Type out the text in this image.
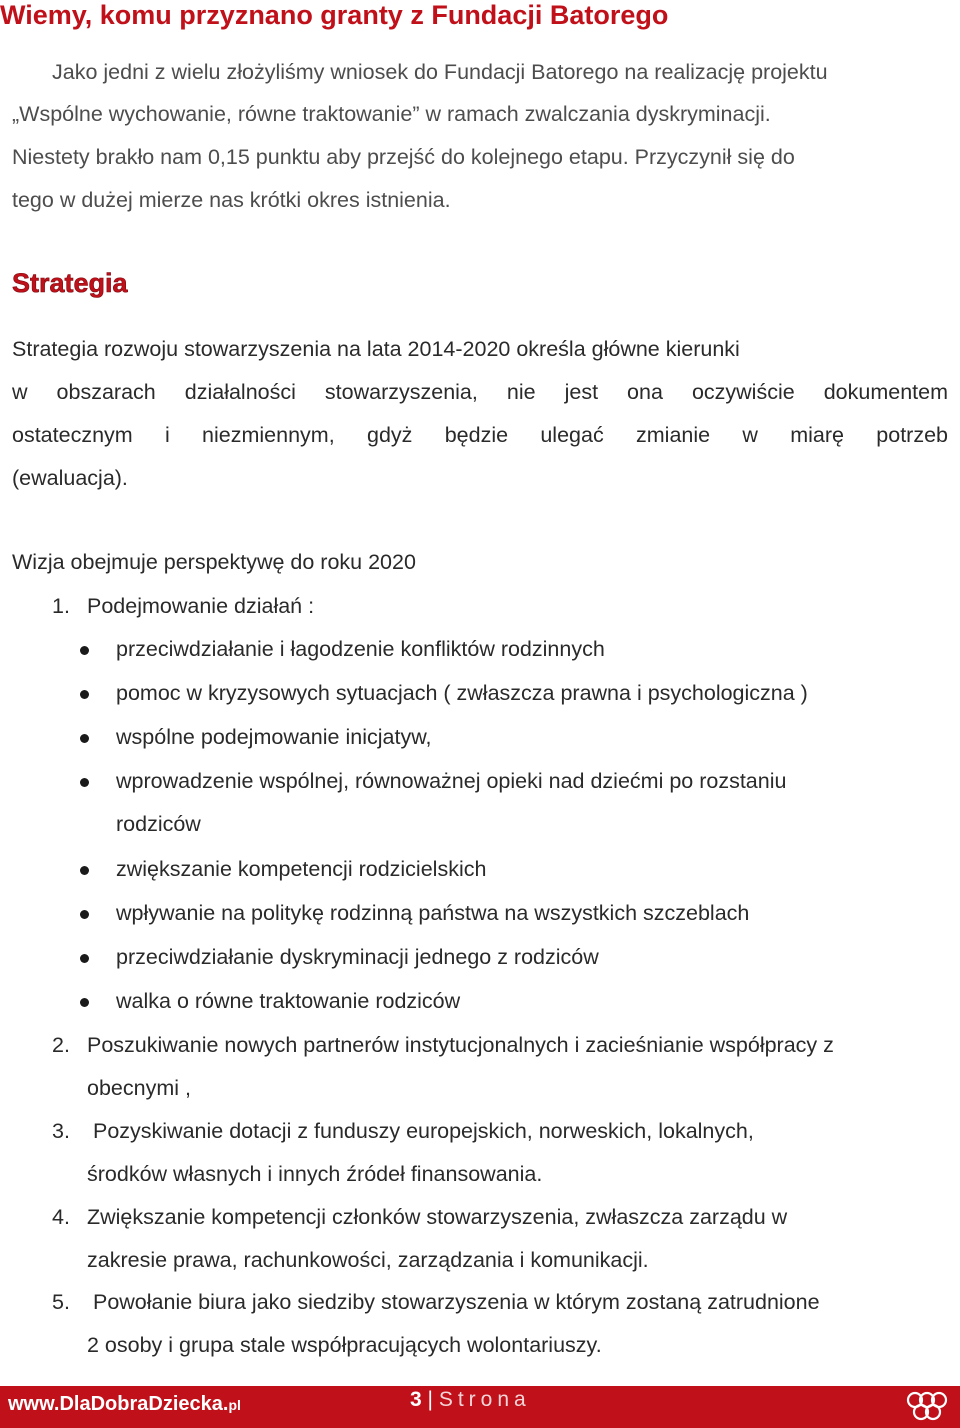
Wiemy, komu przyznano granty z Fundacji Batorego
Jako jedni z wielu złożyliśmy wniosek do Fundacji Batorego na realizację projektu
„Wspólne wychowanie, równe traktowanie” w ramach zwalczania dyskryminacji.
Niestety brakło nam 0,15 punktu aby przejść do kolejnego etapu. Przyczynił się do
tego w dużej mierze nas krótki okres istnienia.
Strategia
Strategia rozwoju stowarzyszenia na lata 2014-2020 określa główne kierunki
w obszarach działalności stowarzyszenia, nie jest ona oczywiście dokumentem
ostatecznym i niezmiennym, gdyż będzie ulegać zmianie w miarę potrzeb
(ewaluacja).
Wizja obejmuje perspektywę do roku 2020
1. Podejmowanie działań :
przeciwdziałanie i łagodzenie konfliktów rodzinnych
pomoc w kryzysowych sytuacjach ( zwłaszcza prawna i psychologiczna )
wspólne podejmowanie inicjatyw,
wprowadzenie wspólnej, równoważnej opieki nad dziećmi po rozstaniu
rodziców
zwiększanie kompetencji rodzicielskich
wpływanie na politykę rodzinną państwa na wszystkich szczeblach
przeciwdziałanie dyskryminacji jednego z rodziców
walka o równe traktowanie rodziców
2. Poszukiwanie nowych partnerów instytucjonalnych i zacieśnianie współpracy z
obecnymi ,
3. Pozyskiwanie dotacji z funduszy europejskich, norweskich, lokalnych,
środków własnych i innych źródeł finansowania.
4. Zwiększanie kompetencji członków stowarzyszenia, zwłaszcza zarządu w
zakresie prawa, rachunkowości, zarządzania i komunikacji.
5. Powołanie biura jako siedziby stowarzyszenia w którym zostaną zatrudnione
2 osoby i grupa stale współpracujących wolontariuszy.
www.DlaDobraDziecka.pl	3 | Strona
